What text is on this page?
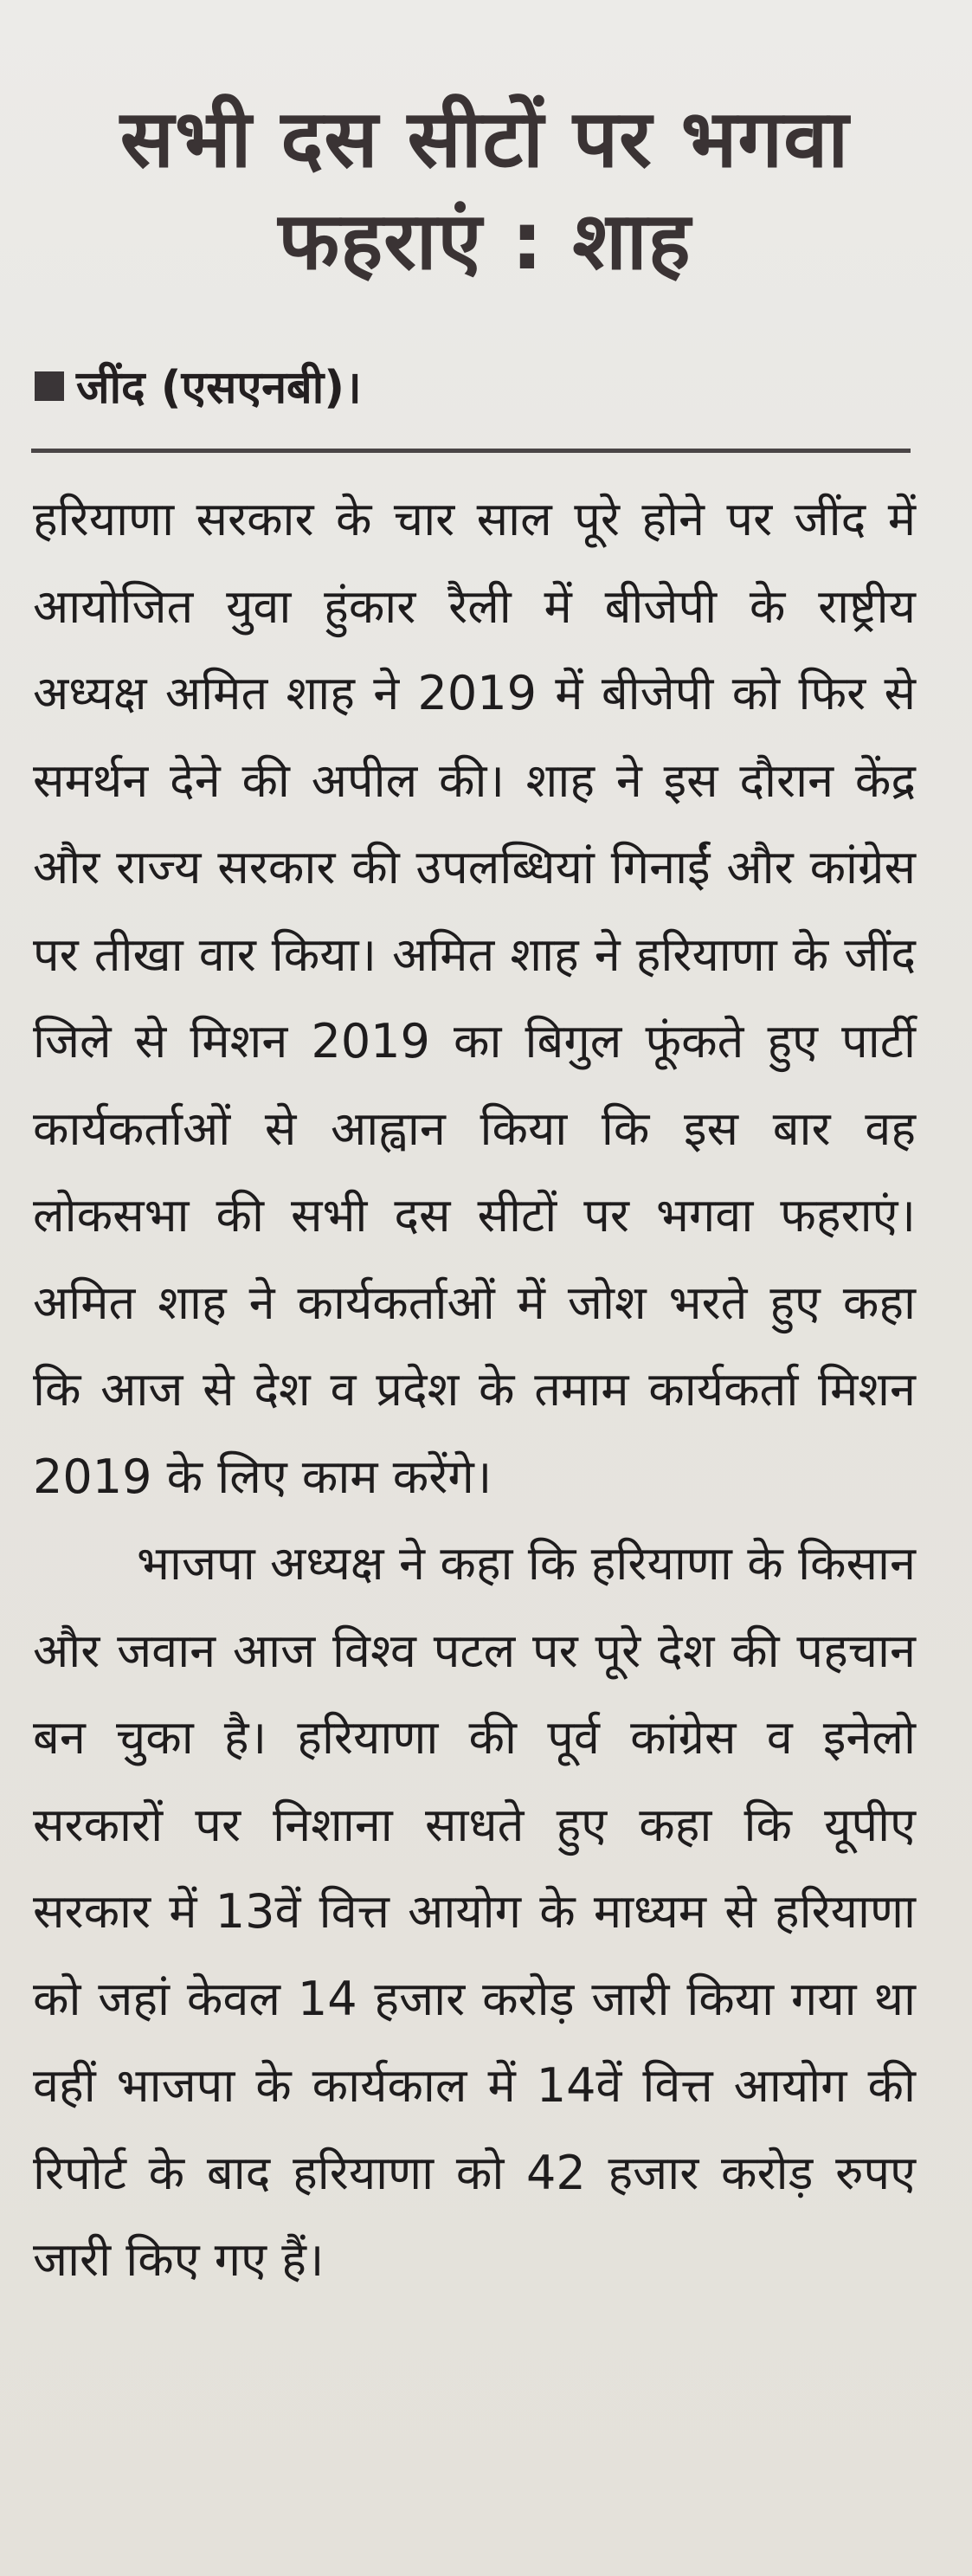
सभी दस सीटों पर भगवा फहराएं : शाह
जींद (एसएनबी)।

हरियाणा सरकार के चार साल पूरे होने पर जींद में आयोजित युवा हुंकार रैली में बीजेपी के राष्ट्रीय अध्यक्ष अमित शाह ने 2019 में बीजेपी को फिर से समर्थन देने की अपील की। शाह ने इस दौरान केंद्र और राज्य सरकार की उपलब्धियां गिनाईं और कांग्रेस पर तीखा वार किया। अमित शाह ने हरियाणा के जींद जिले से मिशन 2019 का बिगुल फूंकते हुए पार्टी कार्यकर्ताओं से आह्वान किया कि इस बार वह लोकसभा की सभी दस सीटों पर भगवा फहराएं। अमित शाह ने कार्यकर्ताओं में जोश भरते हुए कहा कि आज से देश व प्रदेश के तमाम कार्यकर्ता मिशन 2019 के लिए काम करेंगे।

भाजपा अध्यक्ष ने कहा कि हरियाणा के किसान और जवान आज विश्व पटल पर पूरे देश की पहचान बन चुका है। हरियाणा की पूर्व कांग्रेस व इनेलो सरकारों पर निशाना साधते हुए कहा कि यूपीए सरकार में 13वें वित्त आयोग के माध्यम से हरियाणा को जहां केवल 14 हजार करोड़ जारी किया गया था वहीं भाजपा के कार्यकाल में 14वें वित्त आयोग की रिपोर्ट के बाद हरियाणा को 42 हजार करोड़ रुपए जारी किए गए हैं।
